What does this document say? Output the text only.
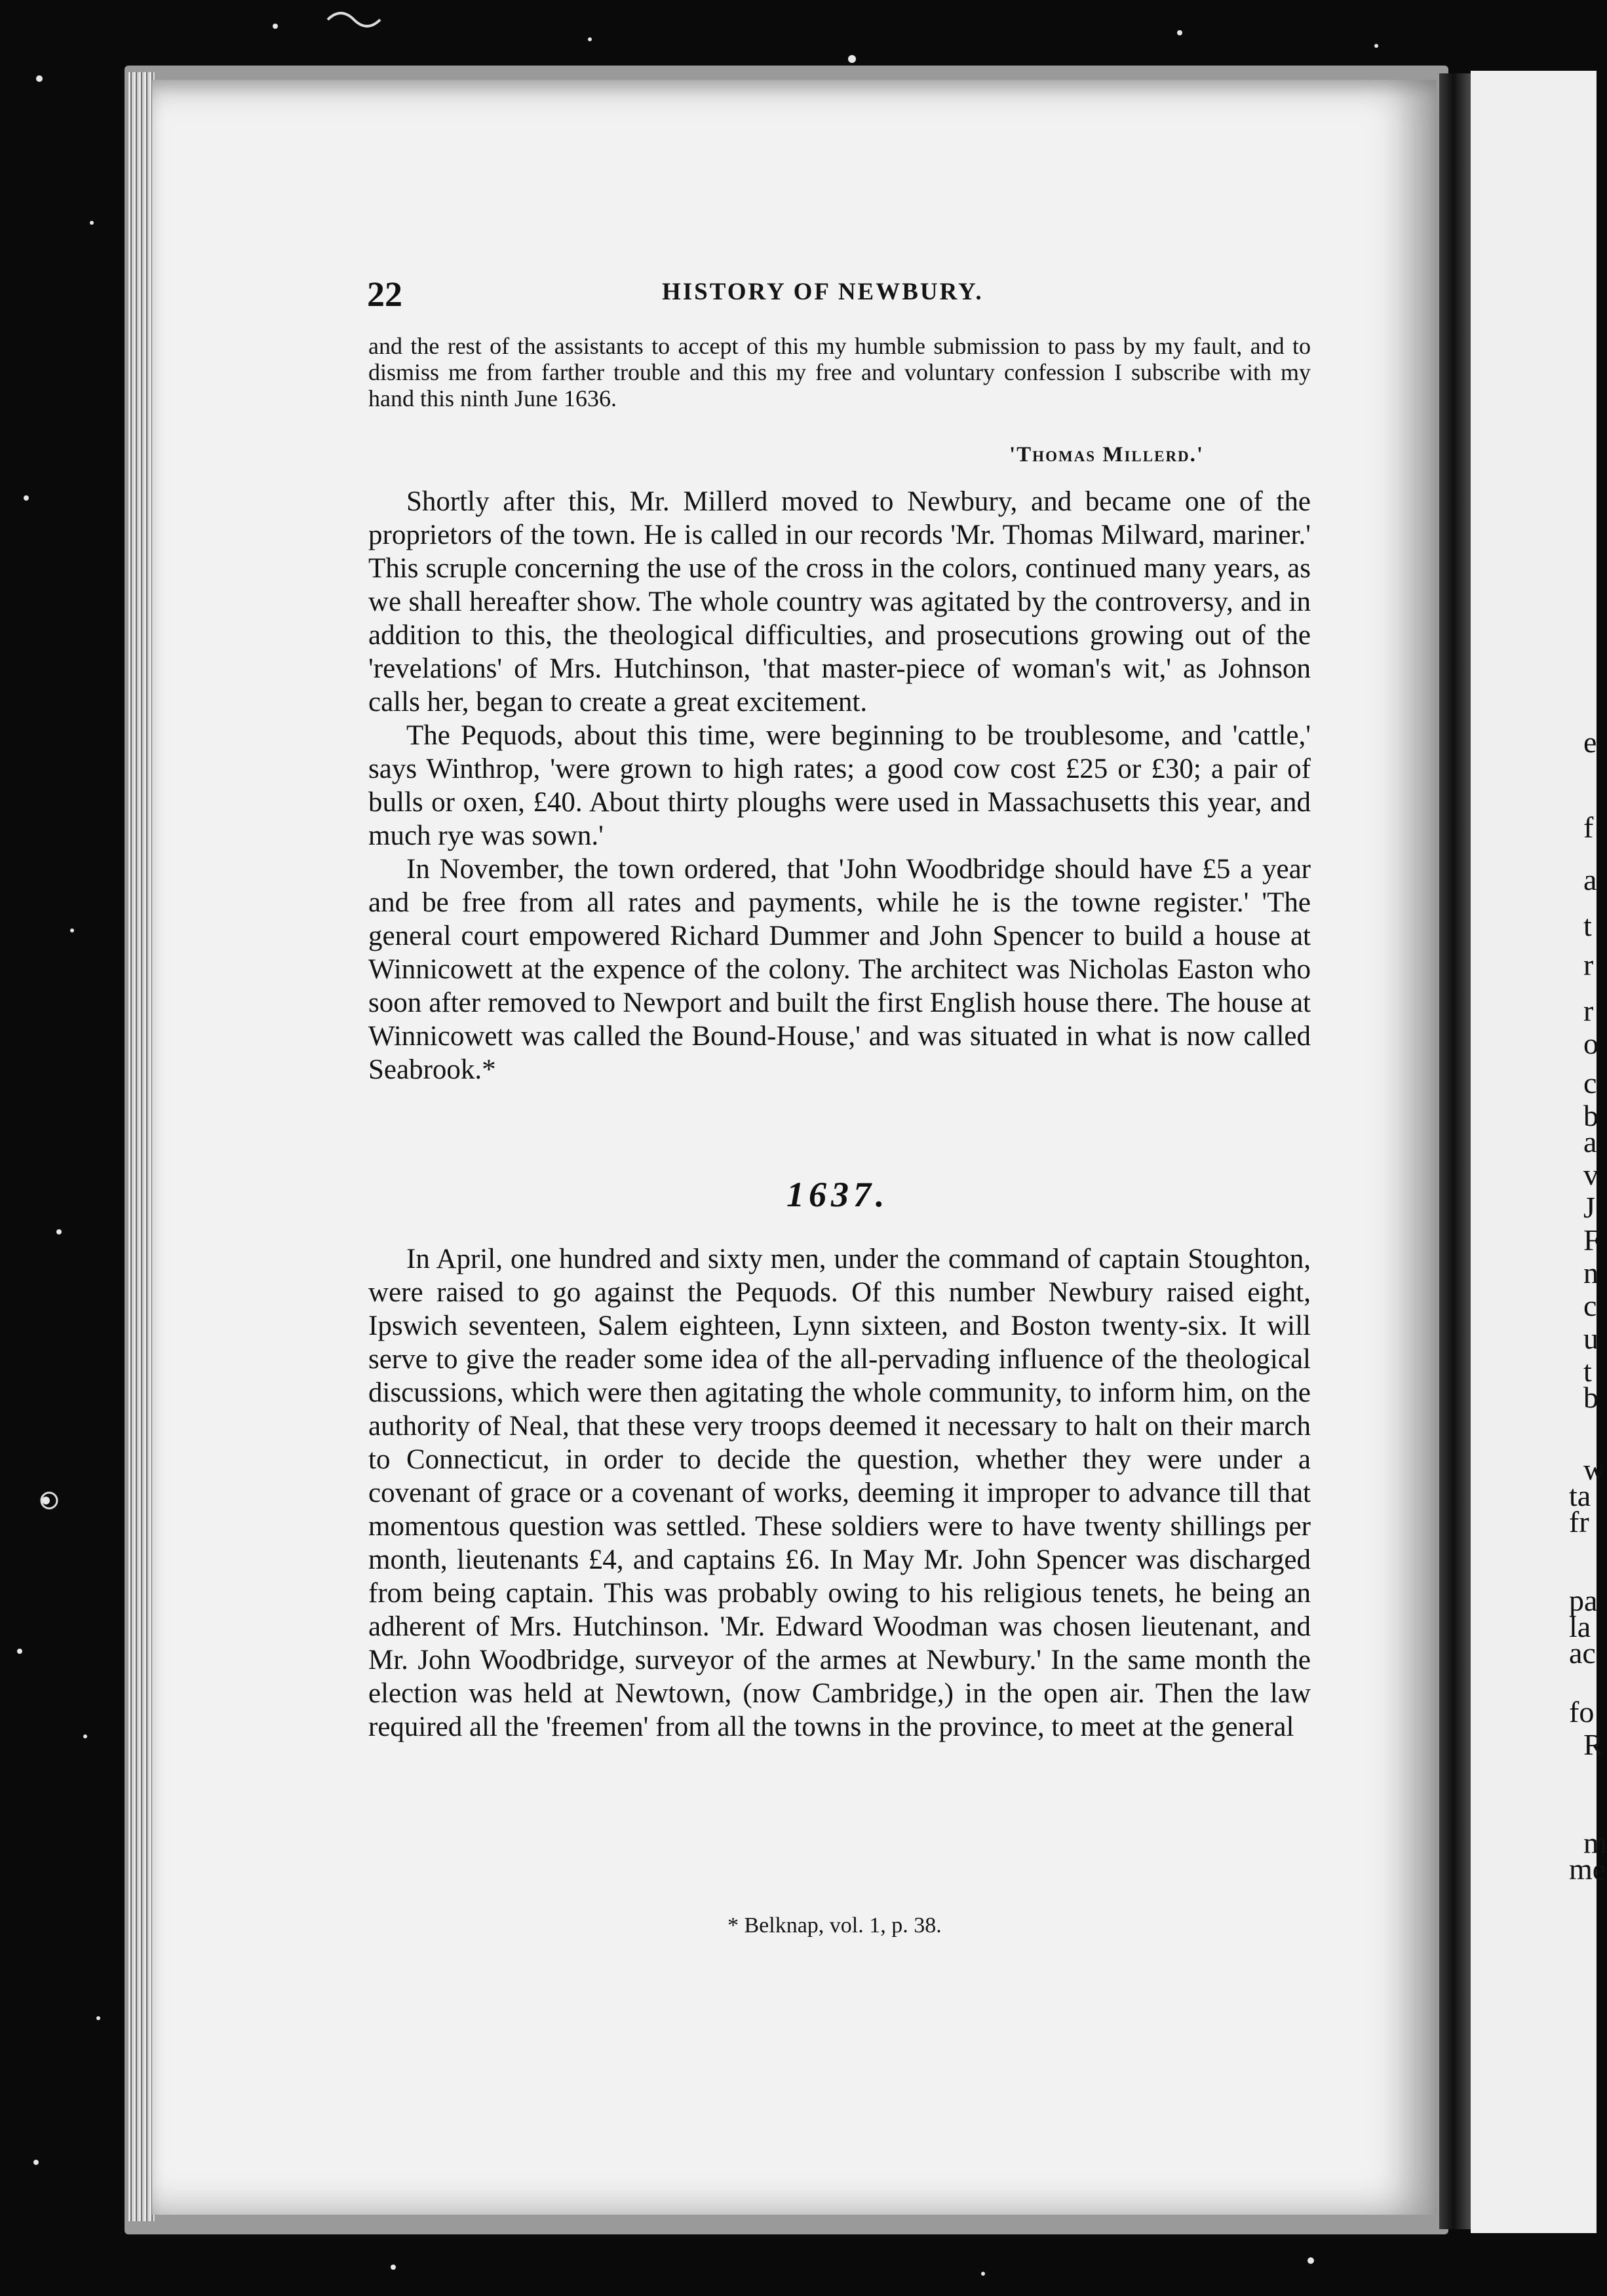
e
f
a
t
r
r
o
c
b
a
v
J
F
n
c
u
t
b
w
ta
fr
pa
la
ac
fo
R
m
me
22	HISTORY OF NEWBURY.
and the rest of the assistants to accept of this my humble submission to pass by my fault, and to dismiss me from farther trouble and this my free and voluntary confession I subscribe with my hand this ninth June 1636.
'Thomas Millerd.'

Shortly after this, Mr. Millerd moved to Newbury, and became one of the proprietors of the town. He is called in our records 'Mr. Thomas Milward, mariner.' This scruple concerning the use of the cross in the colors, continued many years, as we shall hereafter show. The whole country was agitated by the controversy, and in addition to this, the theological difficulties, and prosecutions growing out of the 'revelations' of Mrs. Hutchinson, 'that master-piece of woman's wit,' as Johnson calls her, began to create a great excitement.

The Pequods, about this time, were beginning to be troublesome, and 'cattle,' says Winthrop, 'were grown to high rates; a good cow cost £25 or £30; a pair of bulls or oxen, £40. About thirty ploughs were used in Massachusetts this year, and much rye was sown.'

In November, the town ordered, that 'John Woodbridge should have £5 a year and be free from all rates and payments, while he is the towne register.' 'The general court empowered Richard Dummer and John Spencer to build a house at Winnicowett at the expence of the colony. The architect was Nicholas Easton who soon after removed to Newport and built the first English house there. The house at Winnicowett was called the Bound-House,' and was situated in what is now called Seabrook.*

1637.

In April, one hundred and sixty men, under the command of captain Stoughton, were raised to go against the Pequods. Of this number Newbury raised eight, Ipswich seventeen, Salem eighteen, Lynn sixteen, and Boston twenty-six. It will serve to give the reader some idea of the all-pervading influence of the theological discussions, which were then agitating the whole community, to inform him, on the authority of Neal, that these very troops deemed it necessary to halt on their march to Connecticut, in order to decide the question, whether they were under a covenant of grace or a covenant of works, deeming it improper to advance till that momentous question was settled. These soldiers were to have twenty shillings per month, lieutenants £4, and captains £6. In May Mr. John Spencer was discharged from being captain. This was probably owing to his religious tenets, he being an adherent of Mrs. Hutchinson. 'Mr. Edward Woodman was chosen lieutenant, and Mr. John Woodbridge, surveyor of the armes at Newbury.' In the same month the election was held at Newtown, (now Cambridge,) in the open air. Then the law required all the 'freemen' from all the towns in the province, to meet at the general

* Belknap, vol. 1, p. 38.
